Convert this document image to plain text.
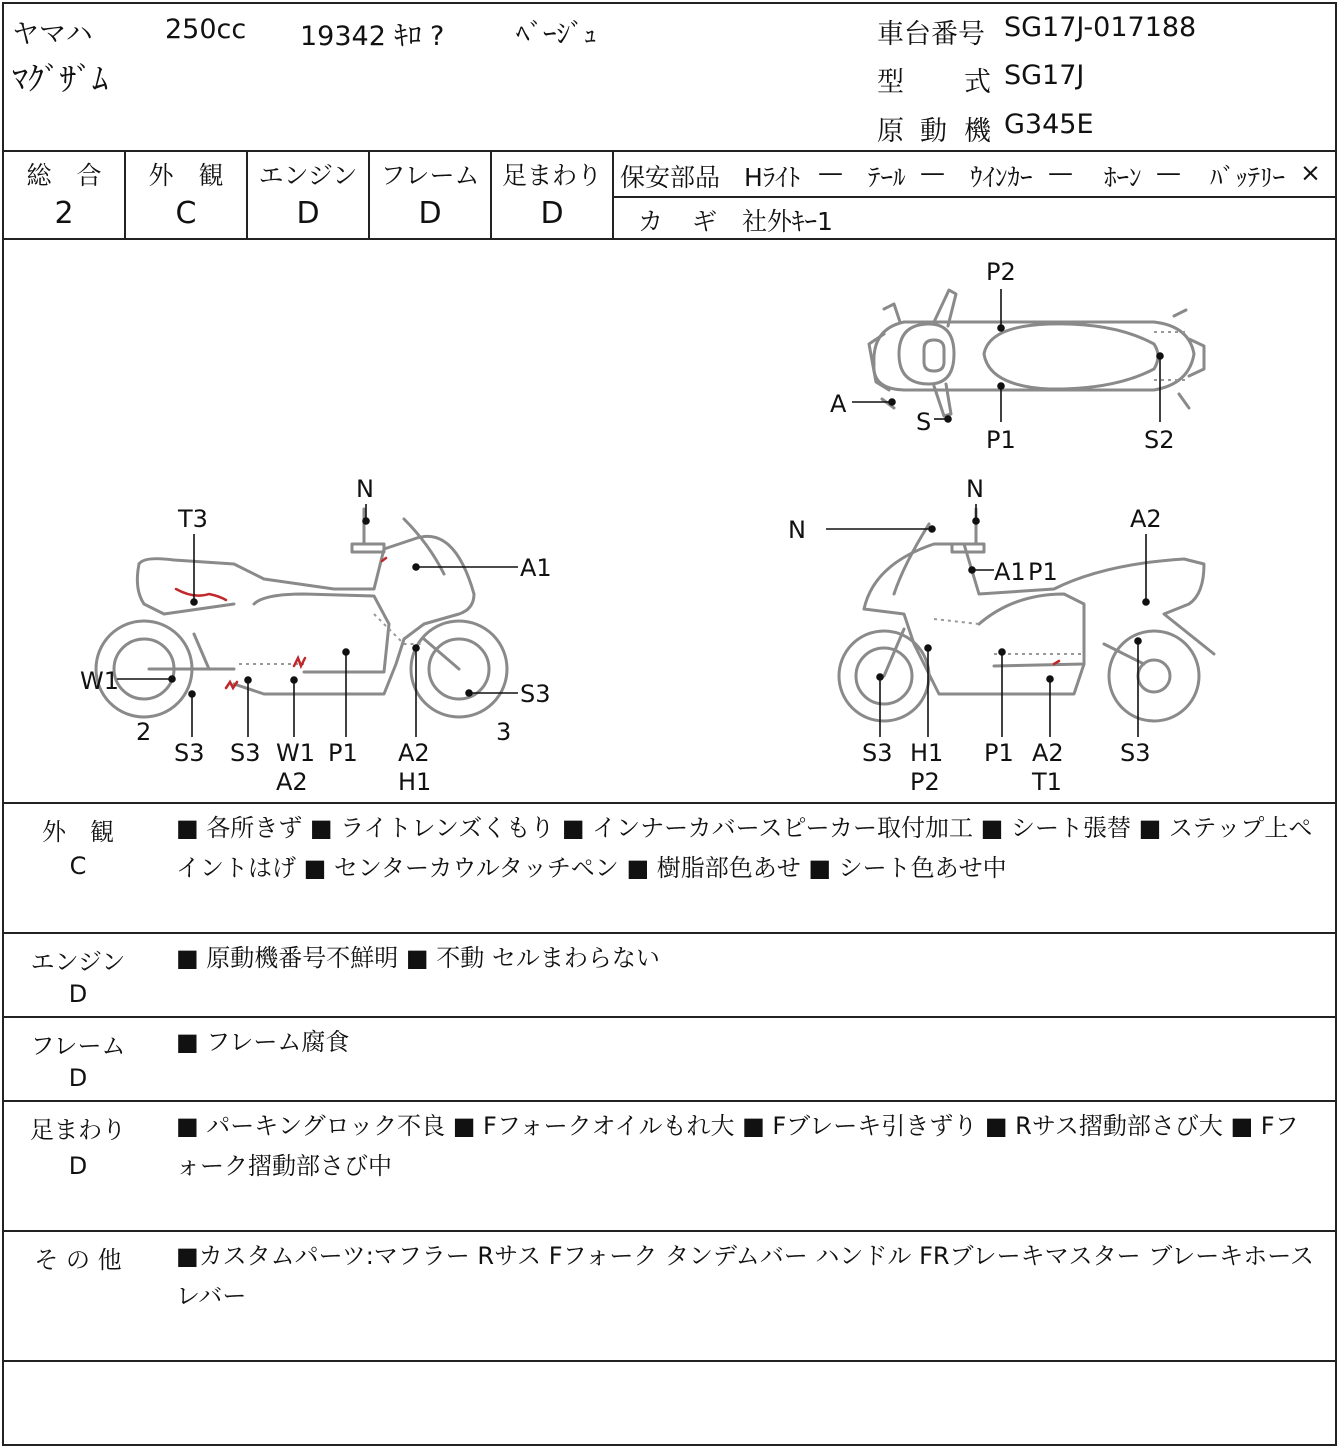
ヤマハ	250cc 19342 ｷﾛ ?	ﾍﾞｰｼﾞｭ
ﾏｸﾞｻﾞﾑ
車台番号 SG17J-017188
型 式 SG17J
原 動 機 G345E
総　合
2
外　観
C
エンジン
D
フレーム
D
足まわり
D
保安部品 Hﾗｲﾄ — ﾃｰﾙ — ｳｲﾝｶｰ — ﾎｰﾝ — ﾊﾞｯﾃﾘｰ ×
カ ギ 社外ｷｰ1
P2
A
S
P1	S2
T3
N
A1
W1	S3
2
S3 S3 W1
A2
P1 A2
H1
3
N
N
A2
A1 P1
S3 H1
P2
P1 A2
T1
S3
外　観
C
■ 各所きず ■ ライトレンズくもり ■ インナーカバースピーカー取付加工 ■ シート張替 ■ ステップ上ペイントはげ ■ センターカウルタッチペン ■ 樹脂部色あせ ■ シート色あせ中
エンジン
D
■ 原動機番号不鮮明 ■ 不動 セルまわらない
フレーム
D
■ フレーム腐食
足まわり
D
■ パーキングロック不良 ■ Fフォークオイルもれ大 ■ Fブレーキ引きずり ■ Rサス摺動部さび大 ■ Fフォーク摺動部さび中
そ の 他	■カスタムパーツ:マフラー Rサス Fフォーク タンデムバー ハンドル FRブレーキマスター ブレーキホース レバー
